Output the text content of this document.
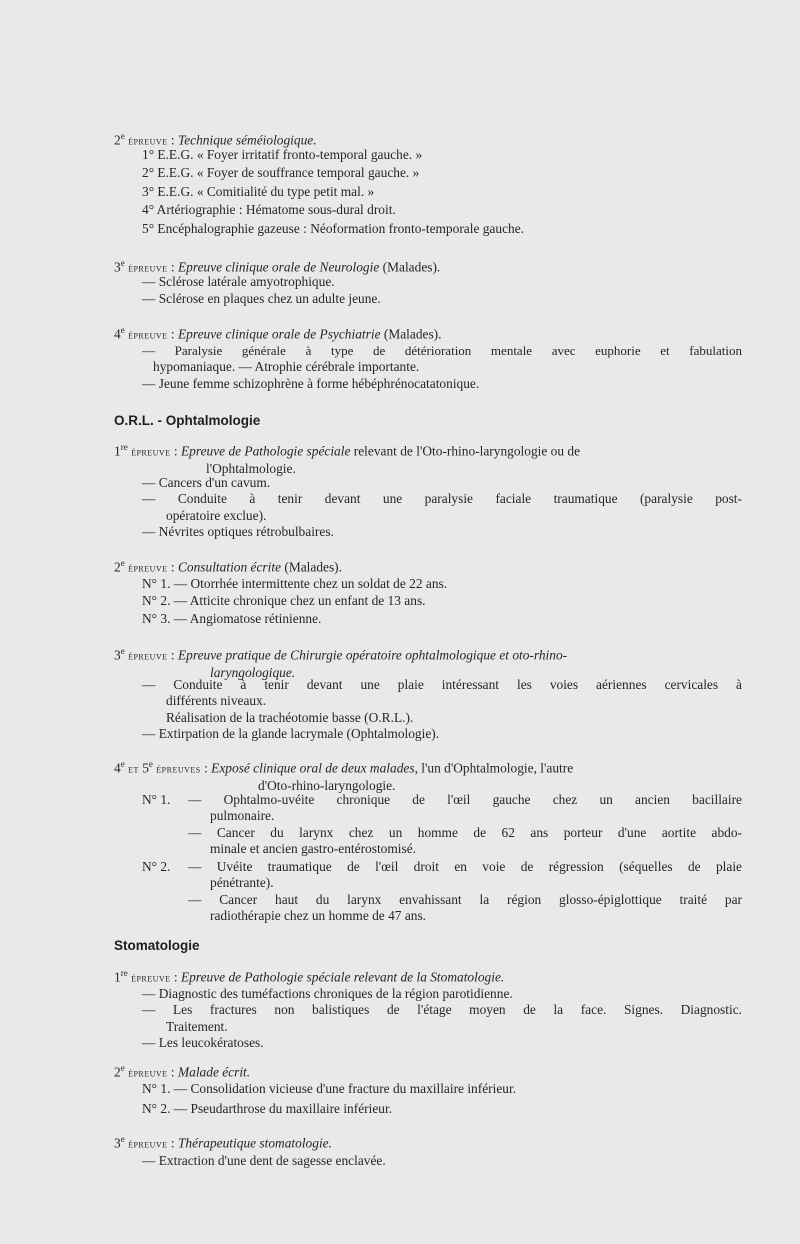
2e épreuve : Technique séméiologique.
1° E.E.G. « Foyer irritatif fronto-temporal gauche. »
2° E.E.G. « Foyer de souffrance temporal gauche. »
3° E.E.G. « Comitialité du type petit mal. »
4° Artériographie : Hématome sous-dural droit.
5° Encéphalographie gazeuse : Néoformation fronto-temporale gauche.
3e épreuve : Epreuve clinique orale de Neurologie (Malades).
— Sclérose latérale amyotrophique.
— Sclérose en plaques chez un adulte jeune.
4e épreuve : Epreuve clinique orale de Psychiatrie (Malades).
— Paralysie générale à type de détérioration mentale avec euphorie et fabulation
hypomaniaque. — Atrophie cérébrale importante.
— Jeune femme schizophrène à forme hébéphrénocatatonique.
O.R.L. - Ophtalmologie
1re épreuve : Epreuve de Pathologie spéciale relevant de l'Oto-rhino-laryngologie ou de
l'Ophtalmologie.
— Cancers d'un cavum.
— Conduite à tenir devant une paralysie faciale traumatique (paralysie post-
opératoire exclue).
— Névrites optiques rétrobulbaires.
2e épreuve : Consultation écrite (Malades).
N° 1. — Otorrhée intermittente chez un soldat de 22 ans.
N° 2. — Atticite chronique chez un enfant de 13 ans.
N° 3. — Angiomatose rétinienne.
3e épreuve : Epreuve pratique de Chirurgie opératoire ophtalmologique et oto-rhino-
laryngologique.
— Conduite à tenir devant une plaie intéressant les voies aériennes cervicales à
différents niveaux.
Réalisation de la trachéotomie basse (O.R.L.).
— Extirpation de la glande lacrymale (Ophtalmologie).
4e et 5e épreuves : Exposé clinique oral de deux malades, l'un d'Ophtalmologie, l'autre
d'Oto-rhino-laryngologie.
N° 1. — Ophtalmo-uvéite chronique de l'œil gauche chez un ancien bacillaire
pulmonaire.
— Cancer du larynx chez un homme de 62 ans porteur d'une aortite abdo-
minale et ancien gastro-entérostomisé.
N° 2. — Uvéite traumatique de l'œil droit en voie de régression (séquelles de plaie
pénétrante).
— Cancer haut du larynx envahissant la région glosso-épiglottique traité par
radiothérapie chez un homme de 47 ans.
Stomatologie
1re épreuve : Epreuve de Pathologie spéciale relevant de la Stomatologie.
— Diagnostic des tuméfactions chroniques de la région parotidienne.
— Les fractures non balistiques de l'étage moyen de la face. Signes. Diagnostic.
Traitement.
— Les leucokératoses.
2e épreuve : Malade écrit.
N° 1. — Consolidation vicieuse d'une fracture du maxillaire inférieur.
N° 2. — Pseudarthrose du maxillaire inférieur.
3e épreuve : Thérapeutique stomatologie.
— Extraction d'une dent de sagesse enclavée.
